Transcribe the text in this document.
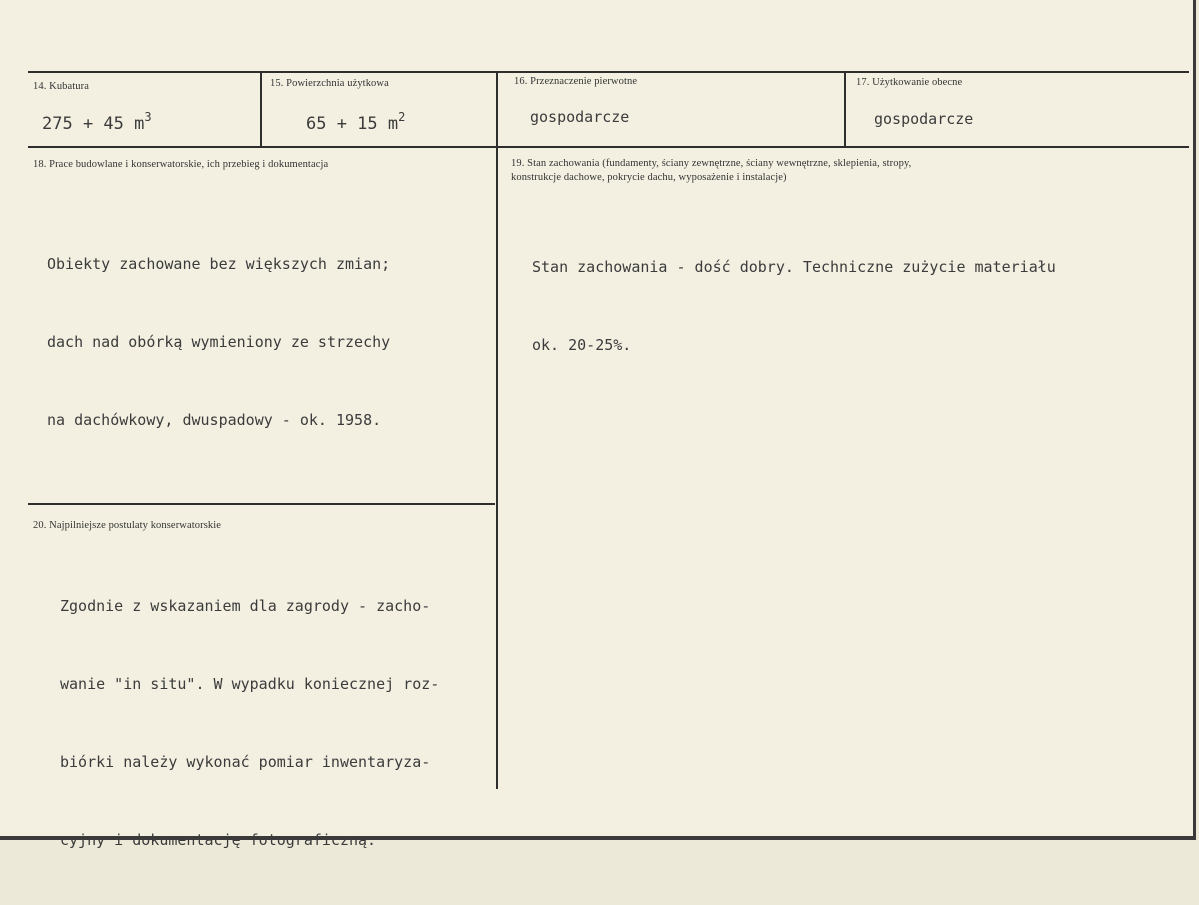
14. Kubatura
275 + 45 $m^3$
15. Powierzchnia użytkowa
65 + 15 $m^2$
16. Przeznaczenie pierwotne
gospodarcze
17. Użytkowanie obecne
gospodarcze
18. Prace budowlane i konserwatorskie, ich przebieg i dokumentacja

Obiekty zachowane bez większych zmian;

dach nad obórką wymieniony ze strzechy

na dachówkowy, dwuspadowy - ok. 1958.

19. Stan zachowania (fundamenty, ściany zewnętrzne, ściany wewnętrzne, sklepienia, stropy,
konstrukcje dachowe, pokrycie dachu, wyposażenie i instalacje)

Stan zachowania - dość dobry. Techniczne zużycie materiału

ok. 20-25%.

20. Najpilniejsze postulaty konserwatorskie

Zgodnie z wskazaniem dla zagrody - zacho-

wanie "in situ". W wypadku koniecznej roz-

biórki należy wykonać pomiar inwentaryza-

cyjny i dokumentację fotograficzną.
